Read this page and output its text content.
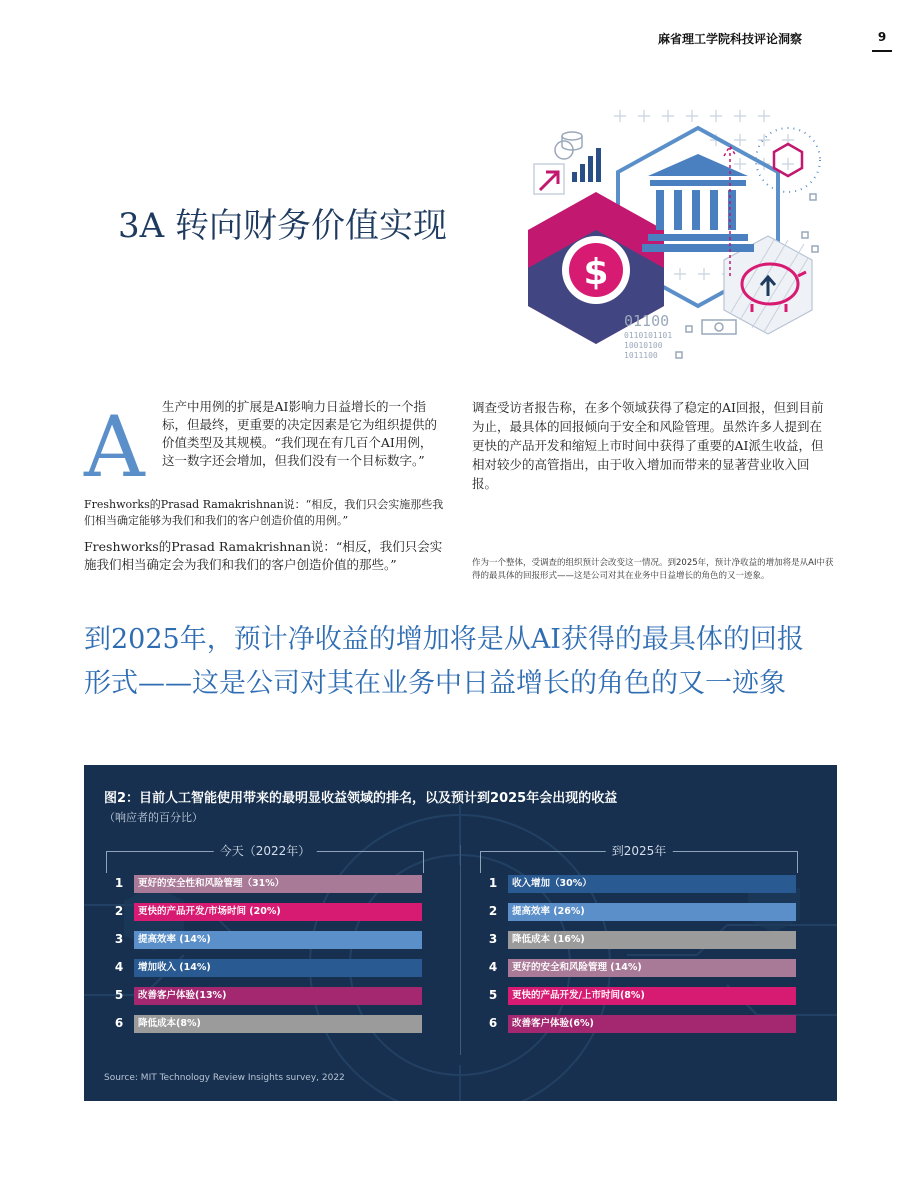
麻省理工学院科技评论洞察	9
3A 转向财务价值实现
$
01100
0110101101
10010100
1011100
A 生产中用例的扩展是AI影响力日益增长的一个指标，但最终，更重要的决定因素是它为组织提供的价值类型及其规模。“我们现在有几百个AI用例，这一数字还会增加，但我们没有一个目标数字。”

Freshworks的Prasad Ramakrishnan说：“相反，我们只会实施那些我们相当确定能够为我们和我们的客户创造价值的用例。”

Freshworks的Prasad Ramakrishnan说：“相反，我们只会实施我们相当确定会为我们和我们的客户创造价值的那些。”

调查受访者报告称，在多个领域获得了稳定的AI回报，但到目前为止，最具体的回报倾向于安全和风险管理。虽然许多人提到在更快的产品开发和缩短上市时间中获得了重要的AI派生收益，但相对较少的高管指出，由于收入增加而带来的显著营业收入回报。

作为一个整体，受调查的组织预计会改变这一情况。到2025年，预计净收益的增加将是从AI中获得的最具体的回报形式——这是公司对其在业务中日益增长的角色的又一迹象。

到2025年，预计净收益的增加将是从AI获得的最具体的回报形式——这是公司对其在业务中日益增长的角色的又一迹象
图2：目前人工智能使用带来的最明显收益领域的排名，以及预计到2025年会出现的收益
（响应者的百分比）
今天（2022年）
1	更好的安全性和风险管理（31%）
2	更快的产品开发/市场时间 (20%)
3	提高效率 (14%)
4	增加收入 (14%)
5	改善客户体验(13%)
6	降低成本(8%)
到2025年
1	收入增加（30%）
2	提高效率 (26%)
3	降低成本 (16%)
4	更好的安全和风险管理 (14%)
5	更快的产品开发/上市时间(8%)
6	改善客户体验(6%)
Source: MIT Technology Review Insights survey, 2022
